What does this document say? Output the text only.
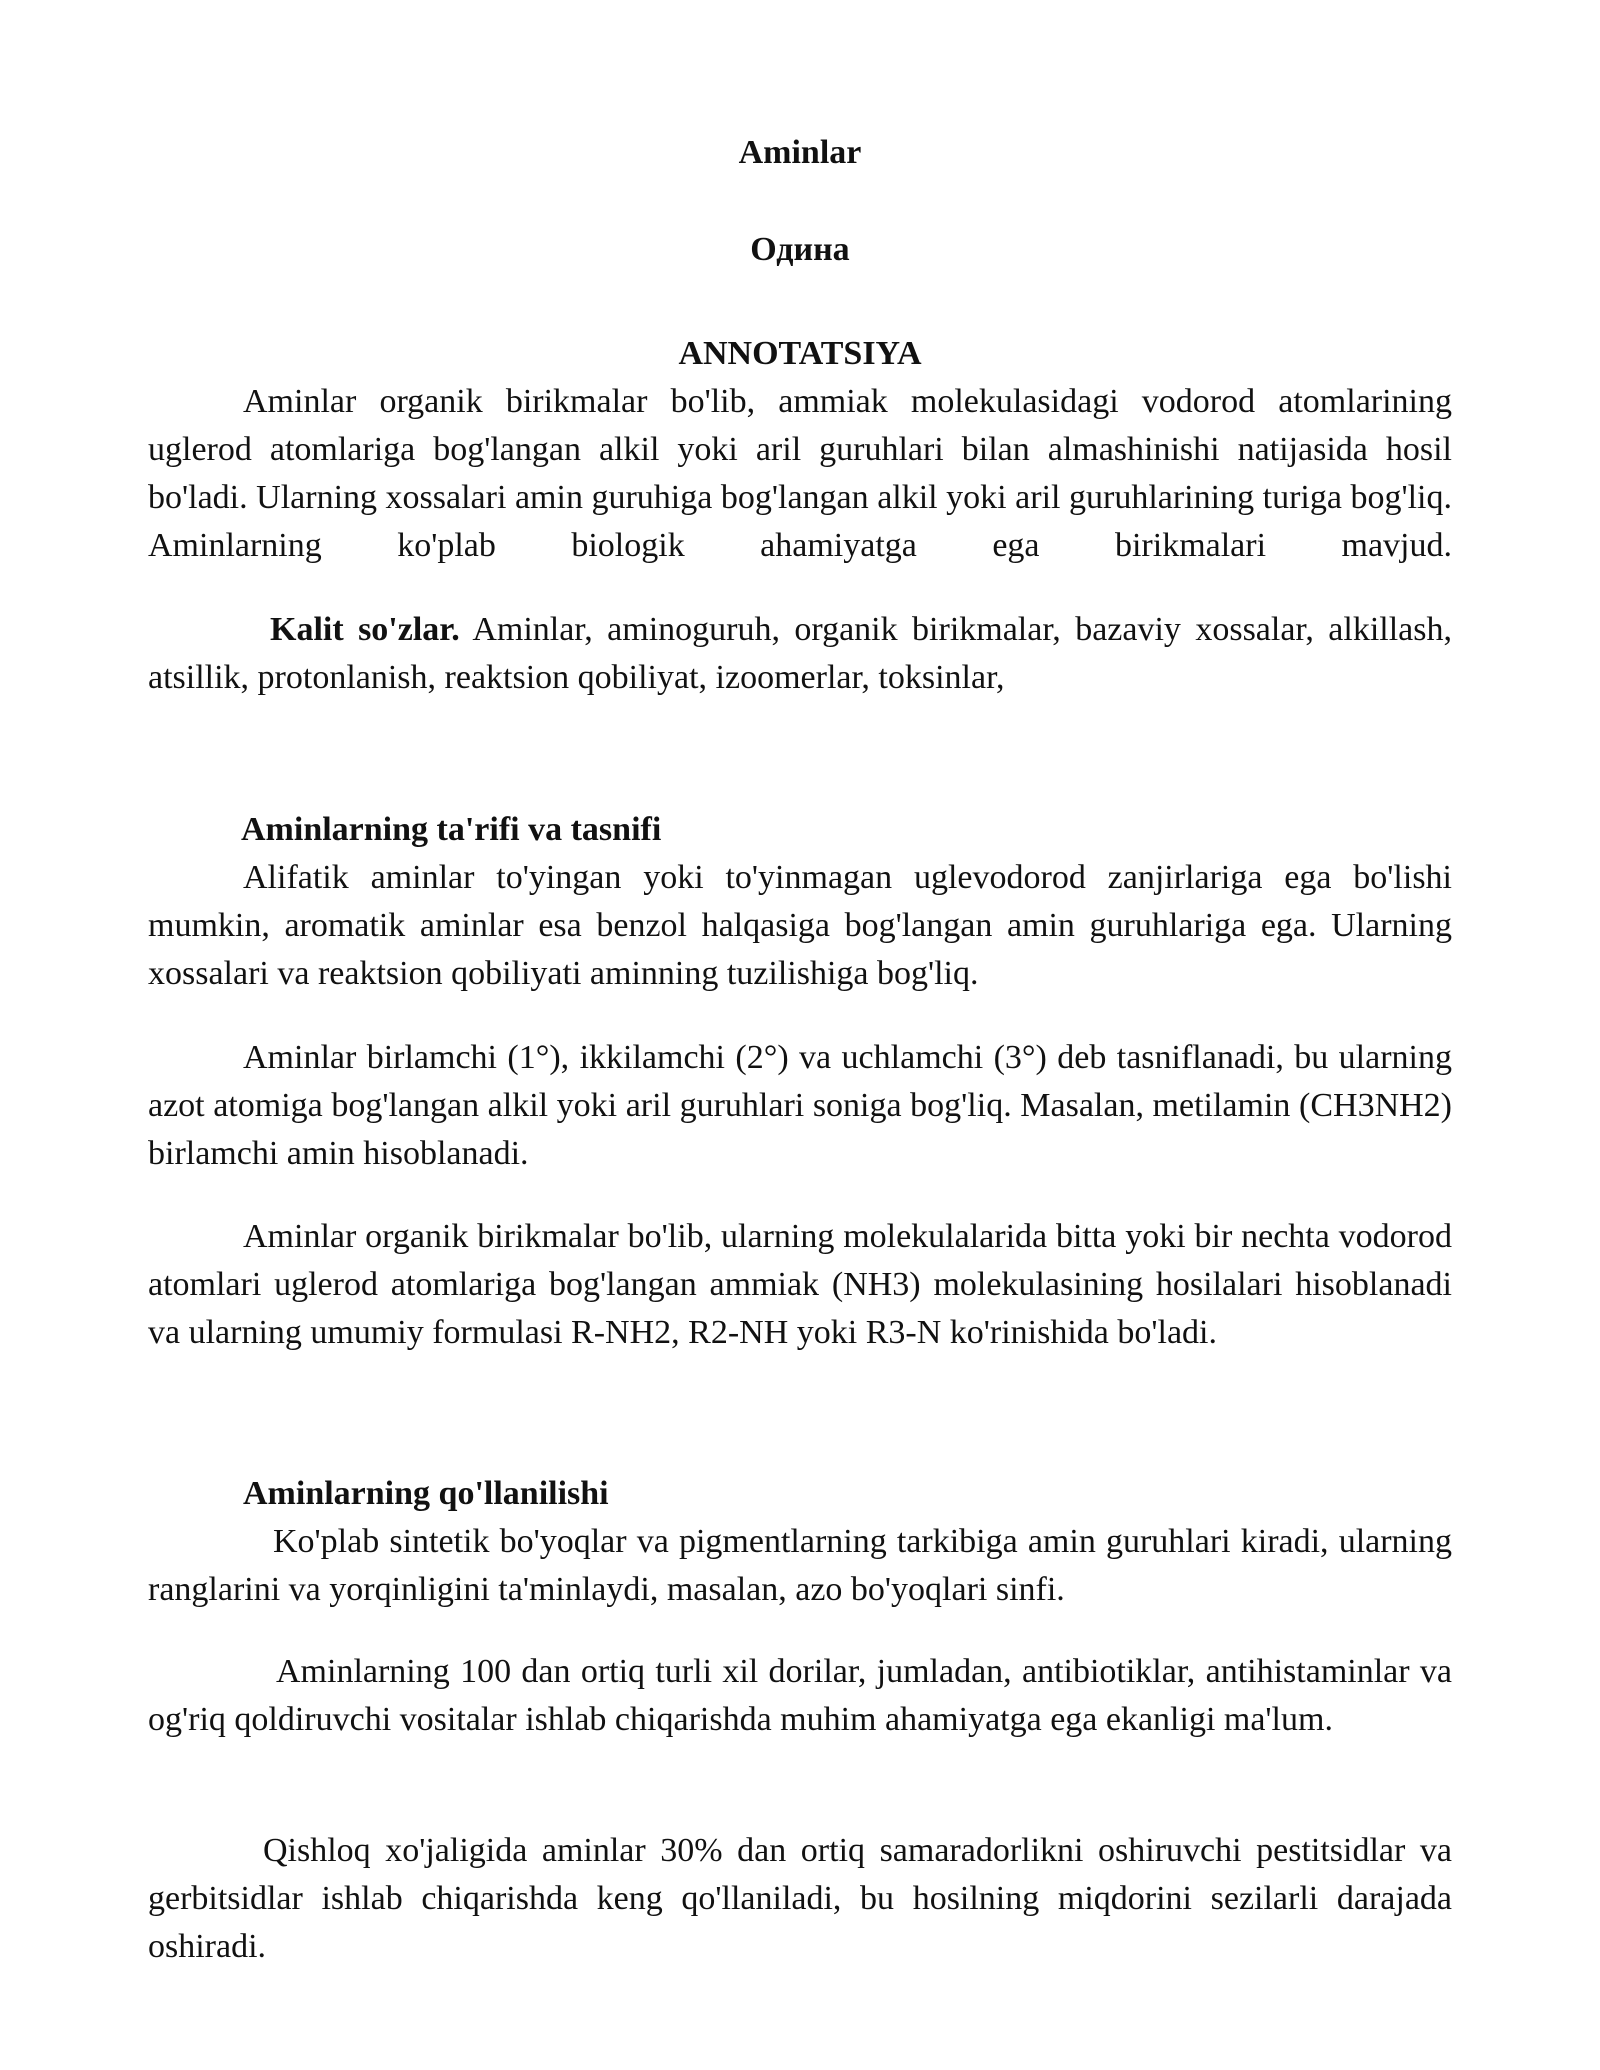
Aminlar

Одина

ANNOTATSIYA

Aminlar organik birikmalar bo'lib, ammiak molekulasidagi vodorod atomlarining uglerod atomlariga bog'langan alkil yoki aril guruhlari bilan almashinishi natijasida hosil bo'ladi. Ularning xossalari amin guruhiga bog'langan alkil yoki aril guruhlarining turiga bog'liq. Aminlarning ko'plab biologik ahamiyatga ega birikmalari mavjud.

Kalit so'zlar. Aminlar, aminoguruh, organik birikmalar, bazaviy xossalar, alkillash, atsillik, protonlanish, reaktsion qobiliyat, izoomerlar, toksinlar,

Aminlarning ta'rifi va tasnifi

Alifatik aminlar to'yingan yoki to'yinmagan uglevodorod zanjirlariga ega bo'lishi mumkin, aromatik aminlar esa benzol halqasiga bog'langan amin guruhlariga ega. Ularning xossalari va reaktsion qobiliyati aminning tuzilishiga bog'liq.

Aminlar birlamchi (1°), ikkilamchi (2°) va uchlamchi (3°) deb tasniflanadi, bu ularning azot atomiga bog'langan alkil yoki aril guruhlari soniga bog'liq. Masalan, metilamin (CH3NH2) birlamchi amin hisoblanadi.

Aminlar organik birikmalar bo'lib, ularning molekulalarida bitta yoki bir nechta vodorod atomlari uglerod atomlariga bog'langan ammiak (NH3) molekulasining hosilalari hisoblanadi va ularning umumiy formulasi R-NH2, R2-NH yoki R3-N ko'rinishida bo'ladi.

Aminlarning qo'llanilishi

Ko'plab sintetik bo'yoqlar va pigmentlarning tarkibiga amin guruhlari kiradi, ularning ranglarini va yorqinligini ta'minlaydi, masalan, azo bo'yoqlari sinfi.

Aminlarning 100 dan ortiq turli xil dorilar, jumladan, antibiotiklar, antihistaminlar va og'riq qoldiruvchi vositalar ishlab chiqarishda muhim ahamiyatga ega ekanligi ma'lum.

Qishloq xo'jaligida aminlar 30% dan ortiq samaradorlikni oshiruvchi pestitsidlar va gerbitsidlar ishlab chiqarishda keng qo'llaniladi, bu hosilning miqdorini sezilarli darajada oshiradi.
